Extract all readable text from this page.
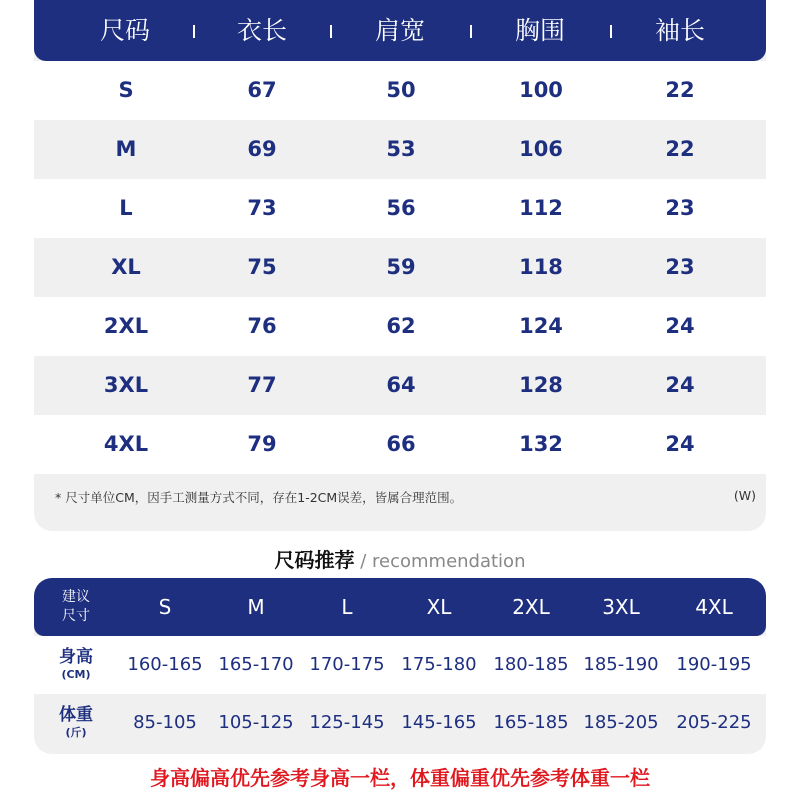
尺码	衣长	肩宽	胸围	袖长
S	67	50	100	22
M	69	53	106	22
L	73	56	112	23
XL	75	59	118	23
2XL	76	62	124	24
3XL	77	64	128	24
4XL	79	66	132	24
* 尺寸单位CM，因手工测量方式不同，存在1-2CM误差，皆属合理范围。	(W)
尺码推荐 / recommendation
建议
尺寸	S	M	L	XL	2XL	3XL	4XL
身高
(CM)	160-165 165-170 170-175 175-180 180-185 185-190 190-195
体重
(斤)	85-105	105-125 125-145 145-165 165-185 185-205 205-225
身高偏高优先参考身高一栏，体重偏重优先参考体重一栏
